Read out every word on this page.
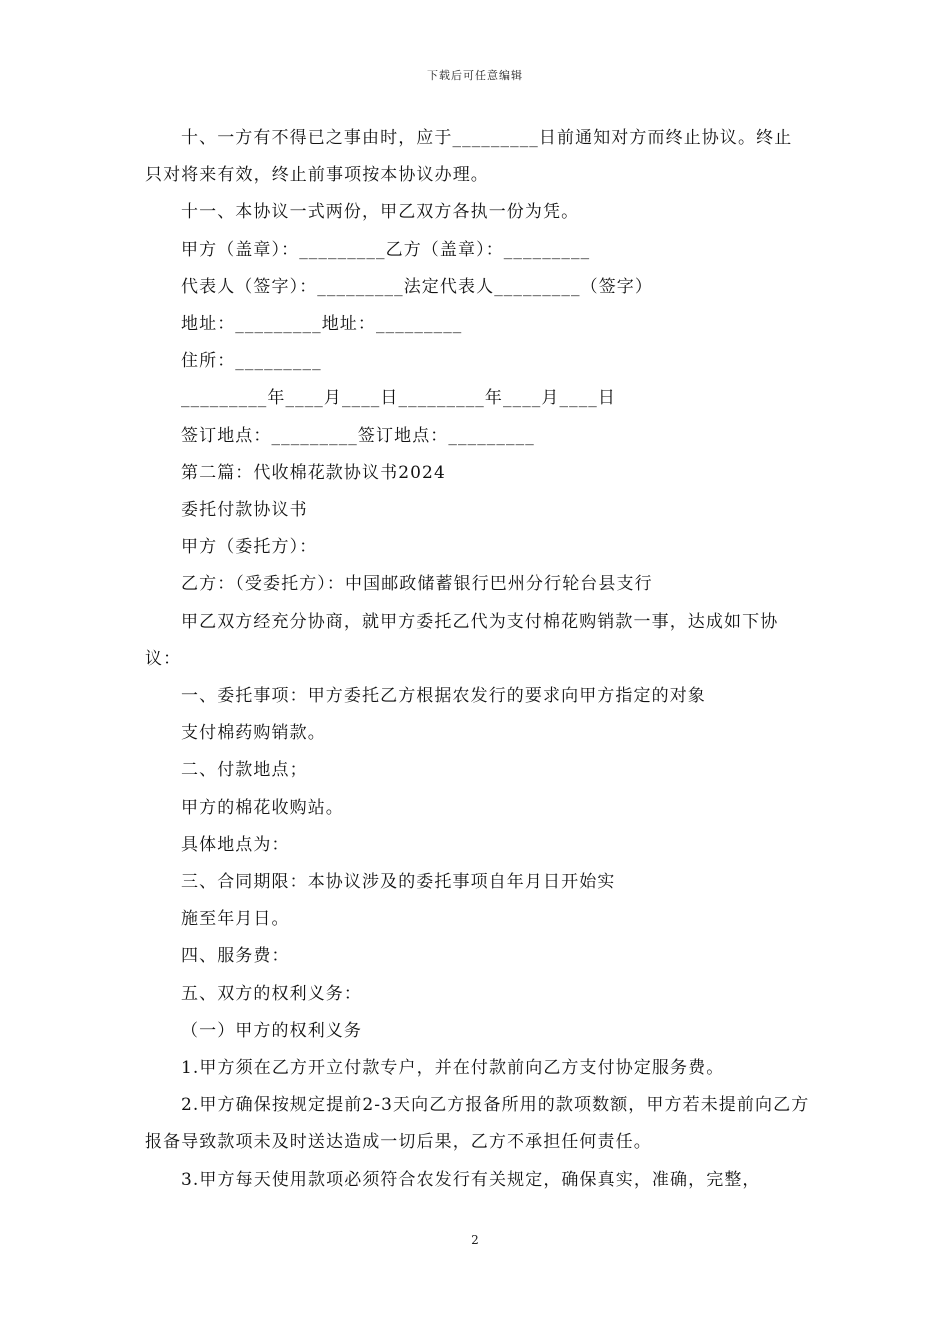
下载后可任意编辑

十、一方有不得已之事由时，应于_________日前通知对方而终止协议。终止只对将来有效，终止前事项按本协议办理。

十一、本协议一式两份，甲乙双方各执一份为凭。

甲方（盖章）：_________乙方（盖章）：_________

代表人（签字）：_________法定代表人_________（签字）

地址：_________地址：_________

住所：_________

_________年____月____日_________年____月____日

签订地点：_________签订地点：_________

第二篇：代收棉花款协议书2024

委托付款协议书

甲方（委托方）：

乙方：（受委托方）：中国邮政储蓄银行巴州分行轮台县支行

甲乙双方经充分协商，就甲方委托乙代为支付棉花购销款一事，达成如下协议：

一、委托事项：甲方委托乙方根据农发行的要求向甲方指定的对象

支付棉药购销款。

二、付款地点；

甲方的棉花收购站。

具体地点为：

三、合同期限：本协议涉及的委托事项自年月日开始实

施至年月日。

四、服务费：

五、双方的权利义务：

（一）甲方的权利义务

1.甲方须在乙方开立付款专户，并在付款前向乙方支付协定服务费。

2.甲方确保按规定提前2-3天向乙方报备所用的款项数额，甲方若未提前向乙方报备导致款项未及时送达造成一切后果，乙方不承担任何责任。

3.甲方每天使用款项必须符合农发行有关规定，确保真实，准确，完整，

2
